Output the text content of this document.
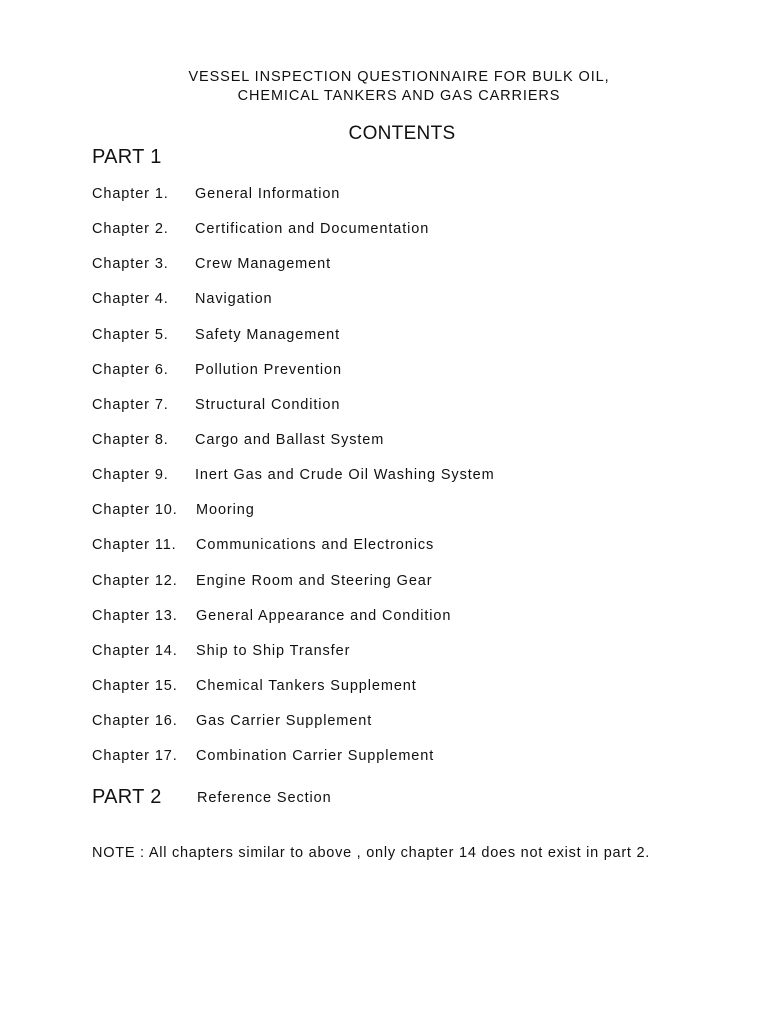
VESSEL INSPECTION QUESTIONNAIRE FOR BULK OIL,
CHEMICAL TANKERS AND GAS CARRIERS
CONTENTS
PART 1
Chapter 1.	General Information
Chapter 2.	Certification and Documentation
Chapter 3.	Crew Management
Chapter 4.	Navigation
Chapter 5.	Safety Management
Chapter 6.	Pollution Prevention
Chapter 7.	Structural Condition
Chapter 8.	Cargo and Ballast System
Chapter 9.	Inert Gas and Crude Oil Washing System
Chapter 10.	Mooring
Chapter 11.	Communications and Electronics
Chapter 12.	Engine Room and Steering Gear
Chapter 13.	General Appearance and Condition
Chapter 14.	Ship to Ship Transfer
Chapter 15.	Chemical Tankers Supplement
Chapter 16.	Gas Carrier Supplement
Chapter 17.	Combination Carrier Supplement
PART 2 Reference Section
NOTE : All chapters similar to above , only chapter 14 does not exist in part 2.
